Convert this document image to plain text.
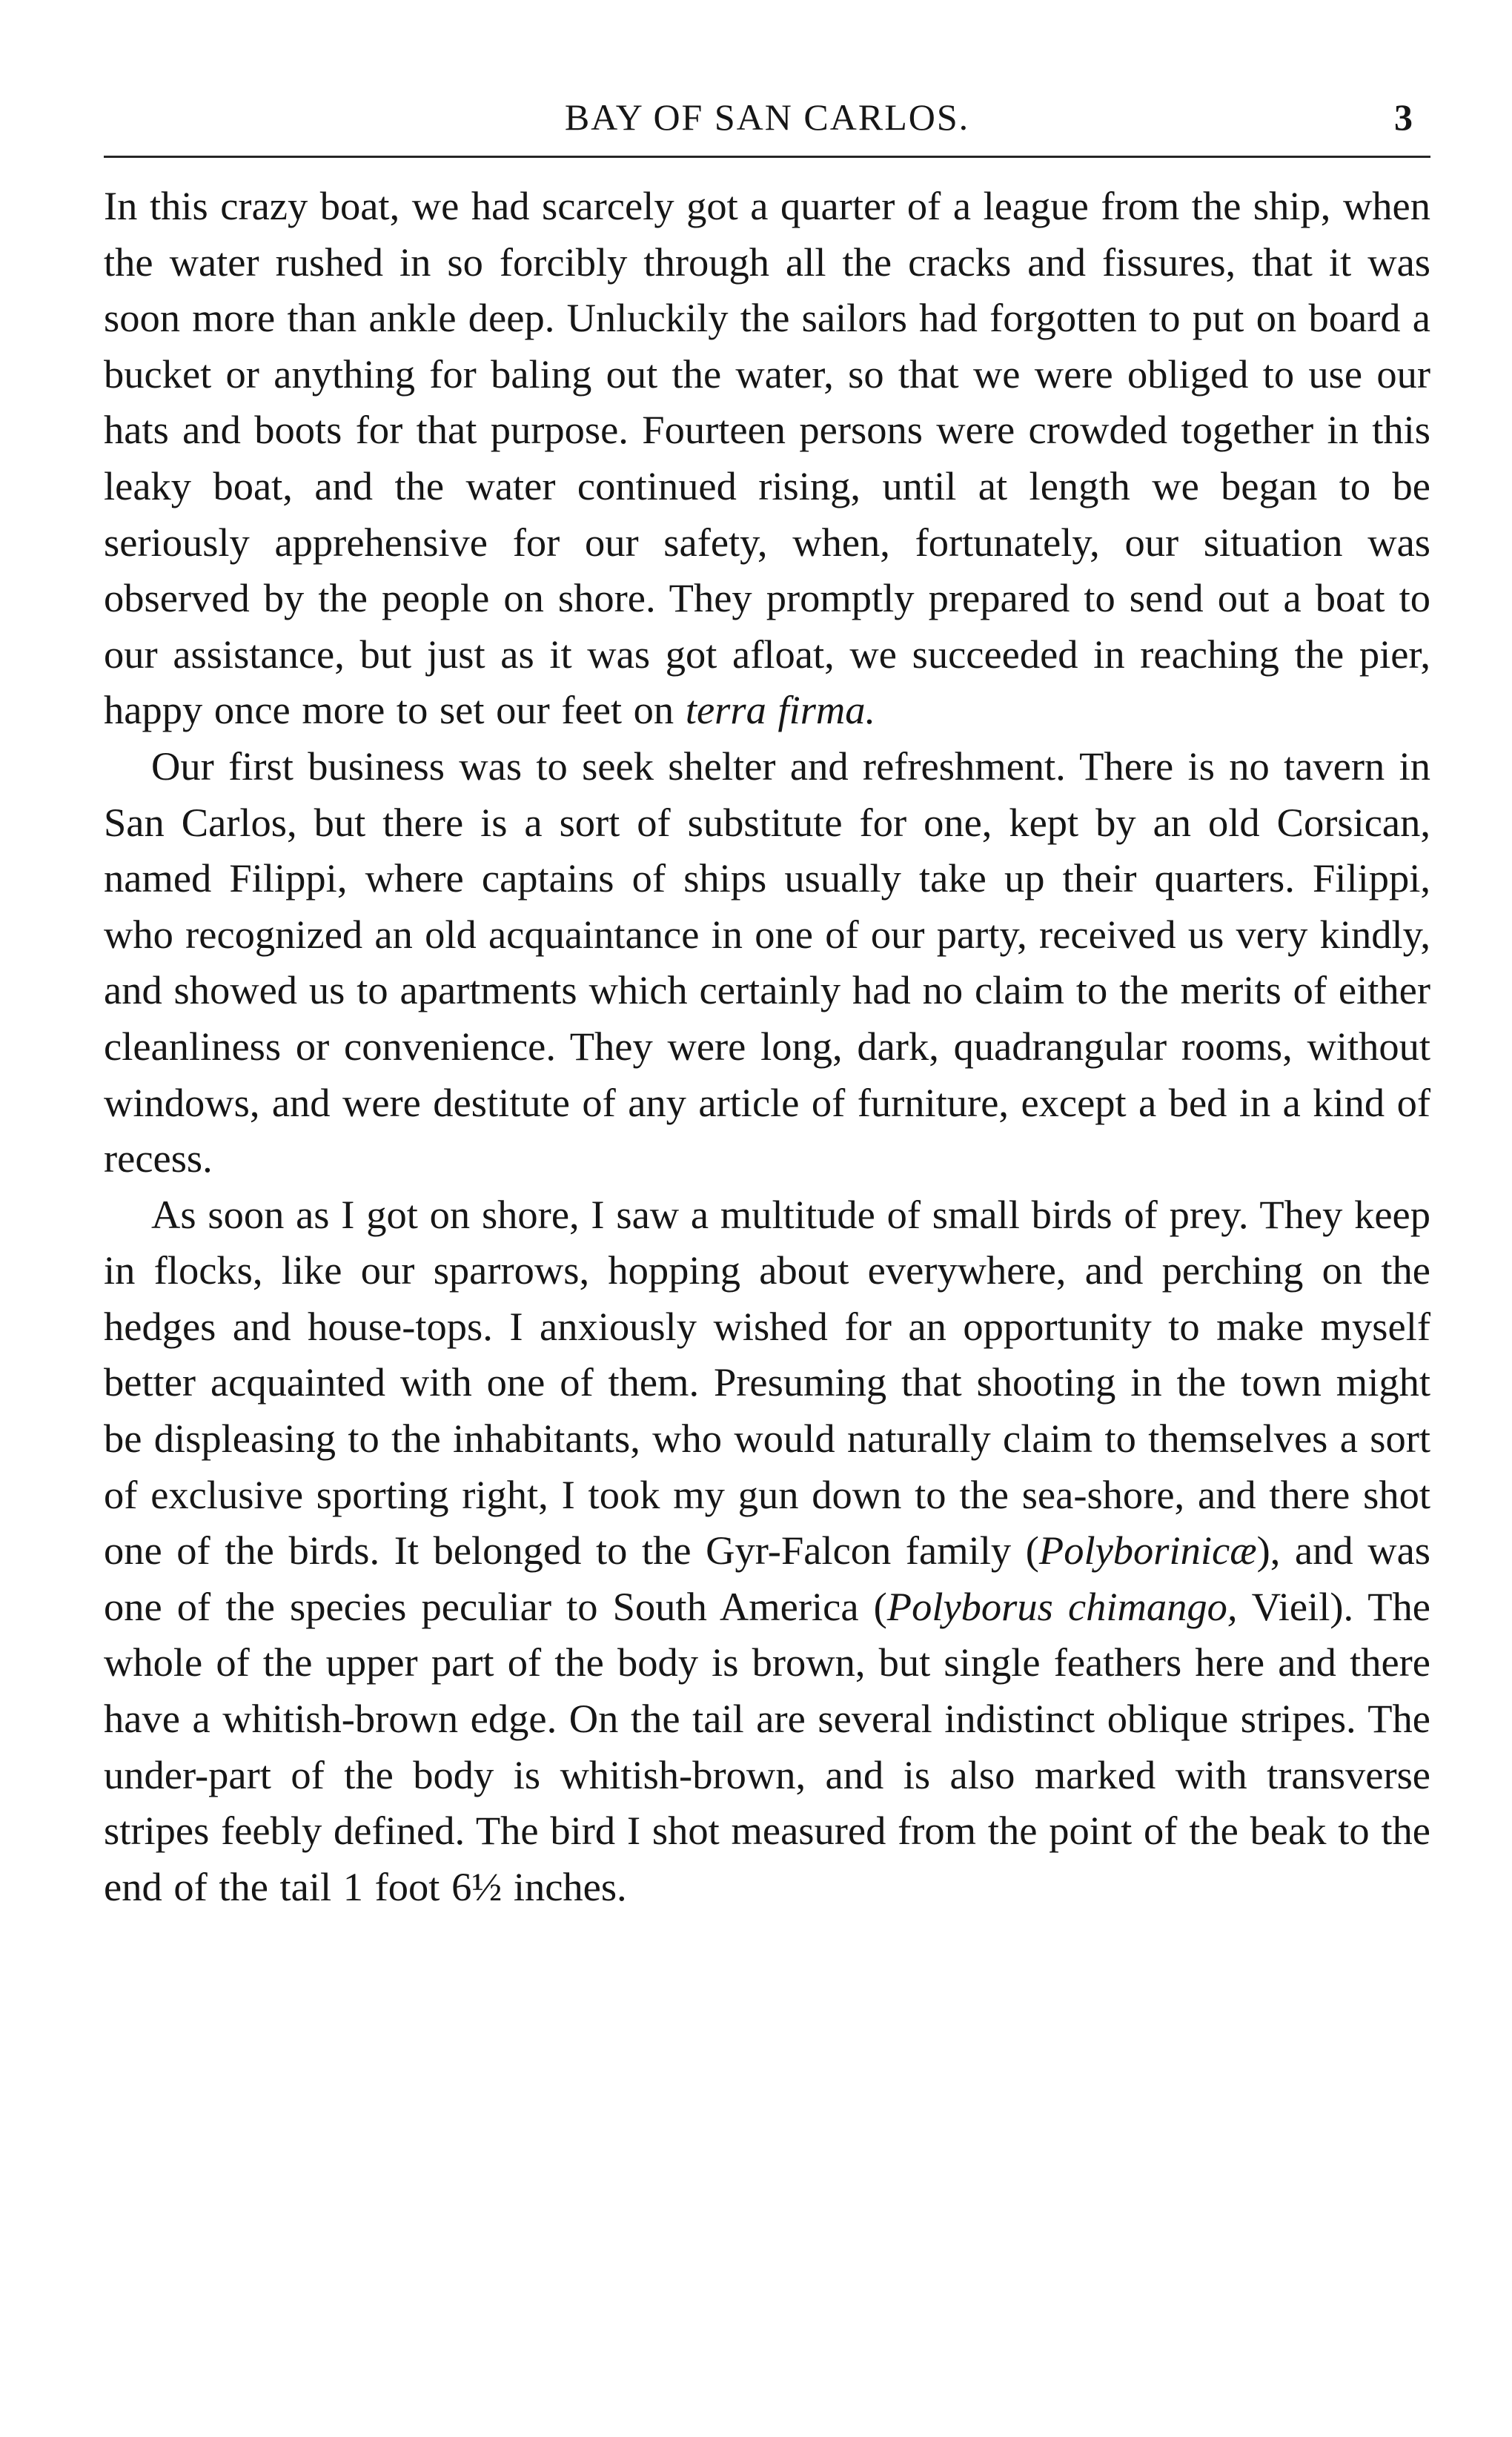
BAY OF SAN CARLOS.	3

In this crazy boat, we had scarcely got a quarter of a league from the ship, when the water rushed in so forcibly through all the cracks and fissures, that it was soon more than ankle deep. Unluckily the sailors had forgotten to put on board a bucket or anything for baling out the water, so that we were obliged to use our hats and boots for that purpose. Fourteen persons were crowded together in this leaky boat, and the water continued rising, until at length we began to be seriously apprehensive for our safety, when, fortunately, our situation was observed by the people on shore. They promptly prepared to send out a boat to our assistance, but just as it was got afloat, we succeeded in reaching the pier, happy once more to set our feet on terra firma.

Our first business was to seek shelter and refreshment. There is no tavern in San Carlos, but there is a sort of substitute for one, kept by an old Corsican, named Filippi, where captains of ships usually take up their quarters. Filippi, who recognized an old acquaintance in one of our party, received us very kindly, and showed us to apartments which certainly had no claim to the merits of either cleanliness or convenience. They were long, dark, quadrangular rooms, without windows, and were destitute of any article of furniture, except a bed in a kind of recess.

As soon as I got on shore, I saw a multitude of small birds of prey. They keep in flocks, like our sparrows, hopping about everywhere, and perching on the hedges and house-tops. I anxiously wished for an opportunity to make myself better acquainted with one of them. Presuming that shooting in the town might be displeasing to the inhabitants, who would naturally claim to themselves a sort of exclusive sporting right, I took my gun down to the sea-shore, and there shot one of the birds. It belonged to the Gyr-Falcon family (Polyborinicæ), and was one of the species peculiar to South America (Polyborus chimango, Vieil). The whole of the upper part of the body is brown, but single feathers here and there have a whitish-brown edge. On the tail are several indistinct oblique stripes. The under-part of the body is whitish-brown, and is also marked with transverse stripes feebly defined. The bird I shot measured from the point of the beak to the end of the tail 1 foot 6½ inches.
